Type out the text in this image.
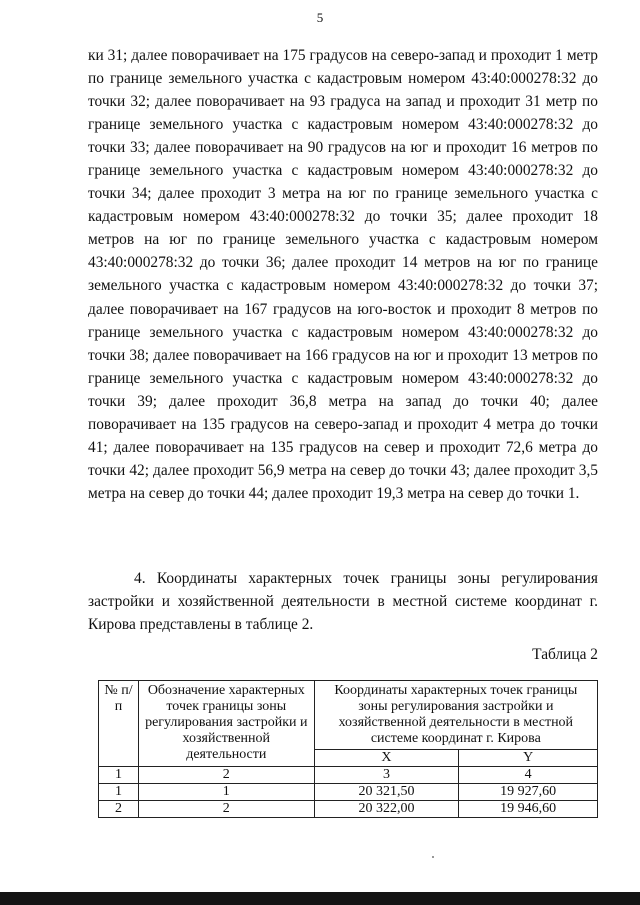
5

ки 31; далее поворачивает на 175 градусов на северо-запад и проходит 1 метр по границе земельного участка с кадастровым номером 43:40:000278:32 до точки 32; далее поворачивает на 93 градуса на запад и проходит 31 метр по границе земельного участка с кадастровым номером 43:40:000278:32 до точки 33; далее поворачивает на 90 градусов на юг и проходит 16 метров по границе земельного участка с кадастровым номером 43:40:000278:32 до точки 34; далее проходит 3 метра на юг по границе земельного участка с кадастровым номером 43:40:000278:32 до точки 35; далее проходит 18 метров на юг по границе земельного участка с кадастровым номером 43:40:000278:32 до точки 36; далее проходит 14 метров на юг по границе земельного участка с кадастровым номером 43:40:000278:32 до точки 37; далее поворачивает на 167 градусов на юго-восток и проходит 8 метров по границе земельного участка с кадастровым номером 43:40:000278:32 до точки 38; далее поворачивает на 166 градусов на юг и проходит 13 метров по границе земельного участка с кадастровым номером 43:40:000278:32 до точки 39; далее проходит 36,8 метра на запад до точки 40; далее поворачивает на 135 градусов на северо-запад и проходит 4 метра до точки 41; далее поворачивает на 135 градусов на север и проходит 72,6 метра до точки 42; далее проходит 56,9 метра на север до точки 43; далее проходит 3,5 метра на север до точки 44; далее проходит 19,3 метра на север до точки 1.

4. Координаты характерных точек границы зоны регулирования застройки и хозяйственной деятельности в местной системе координат г. Кирова представлены в таблице 2.

Таблица 2
№ п/п	Обозначение характерных точек границы зоны регулирования застройки и хозяйственной деятельности	Координаты характерных точек границы зоны регулирования застройки и хозяйственной деятельности в местной системе координат г. Кирова	
		X	Y
1	2	3	4
1	1	20 321,50	19 927,60
2	2	20 322,00	19 946,60
